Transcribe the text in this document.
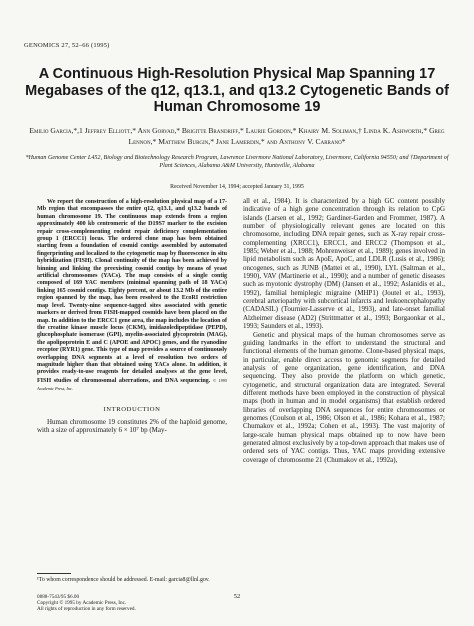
GENOMICS 27, 52–66 (1995)
A Continuous High-Resolution Physical Map Spanning 17 Megabases of the q12, q13.1, and q13.2 Cytogenetic Bands of Human Chromosome 19

Emilio Garcia,*,1 Jeffrey Elliott,* Ann Gorvad,* Brigitte Brandriff,* Laurie Gordon,* Khairy M. Soliman,† Linda K. Ashworth,* Greg Lennon,* Matthew Burgin,* Jane Lamerdin,* and Anthony V. Carrano*

*Human Genome Center L452, Biology and Biotechnology Research Program, Lawrence Livermore National Laboratory, Livermore, California 94550; and †Department of Plant Sciences, Alabama A&M University, Huntsville, Alabama

Received November 14, 1994; accepted January 31, 1995

We report the construction of a high-resolution physical map of a 17-Mb region that encompasses the entire q12, q13.1, and q13.2 bands of human chromosome 19. The continuous map extends from a region approximately 400 kb centromeric of the D19S7 marker to the excision repair cross-complementing rodent repair deficiency complementation group 1 (ERCC1) locus. The ordered clone map has been obtained starting from a foundation of cosmid contigs assembled by automated fingerprinting and localized to the cytogenetic map by fluorescence in situ hybridization (FISH). Clonal continuity of the map has been achieved by binning and linking the preexisting cosmid contigs by means of yeast artificial chromosomes (YACs). The map consists of a single contig composed of 169 YAC members (minimal spanning path of 18 YACs) linking 165 cosmid contigs. Eighty percent, or about 13.2 Mb of the entire region spanned by the map, has been resolved to the EcoRI restriction map level. Twenty-nine sequence-tagged sites associated with genetic markers or derived from FISH-mapped cosmids have been placed on the map. In addition to the ERCC1 gene area, the map includes the location of the creatine kinase muscle locus (CKM), imidazoledipeptidase (PEPD), glucophosphate isomerase (GPI), myelin-associated glycoprotein (MAG), the apolipoprotein E and C (APOE and APOC) genes, and the ryanodine receptor (RYR1) gene. This type of map provides a source of continuously overlapping DNA segments at a level of resolution two orders of magnitude higher than that obtained using YACs alone. In addition, it provides ready-to-use reagents for detailed analyses at the gene level, FISH studies of chromosomal aberrations, and DNA sequencing. © 1995 Academic Press, Inc.

INTRODUCTION

Human chromosome 19 constitutes 2% of the haploid genome, with a size of approximately 6 × 10⁷ bp (May-

all et al., 1984). It is characterized by a high GC content possibly indicative of a high gene concentration through its relation to CpG islands (Larsen et al., 1992; Gardiner-Garden and Frommer, 1987). A number of physiologically relevant genes are located on this chromosome, including DNA repair genes, such as X-ray repair cross-complementing (XRCC1), ERCC1, and ERCC2 (Thompson et al., 1985; Weber et al., 1988; Mohrenweiser et al., 1989); genes involved in lipid metabolism such as ApoE, ApoC, and LDLR (Lusis et al., 1986); oncogenes, such as JUNB (Mattei et al., 1990), LYL (Saltman et al., 1990), VAV (Martinerie et al., 1990); and a number of genetic diseases such as myotonic dystrophy (DM) (Jansen et al., 1992; Aslanidis et al., 1992), familial hemiplegic migraine (MHP1) (Joutel et al., 1993), cerebral arteriopathy with subcortical infarcts and leukoencephalopathy (CADASIL) (Tournier-Lasserve et al., 1993), and late-onset familial Alzheimer disease (AD2) (Strittmatter et al., 1993; Borgaonkar et al., 1993; Saunders et al., 1993).

Genetic and physical maps of the human chromosomes serve as guiding landmarks in the effort to understand the structural and functional elements of the human genome. Clone-based physical maps, in particular, enable direct access to genomic segments for detailed analysis of gene organization, gene identification, and DNA sequencing. They also provide the platform on which genetic, cytogenetic, and structural organization data are integrated. Several different methods have been employed in the construction of physical maps (both in human and in model organisms) that establish ordered libraries of overlapping DNA sequences for entire chromosomes or genomes (Coulson et al., 1986; Olson et al., 1986; Kohara et al., 1987; Chumakov et al., 1992a; Cohen et al., 1993). The vast majority of large-scale human physical maps obtained up to now have been generated almost exclusively by a top-down approach that makes use of ordered sets of YAC contigs. Thus, YAC maps providing extensive coverage of chromosome 21 (Chumakov et al., 1992a),

¹To whom correspondence should be addressed. E-mail: garcia8@llnl.gov.

0888-7543/95 $6.00
Copyright © 1995 by Academic Press, Inc.
All rights of reproduction in any form reserved.

52
